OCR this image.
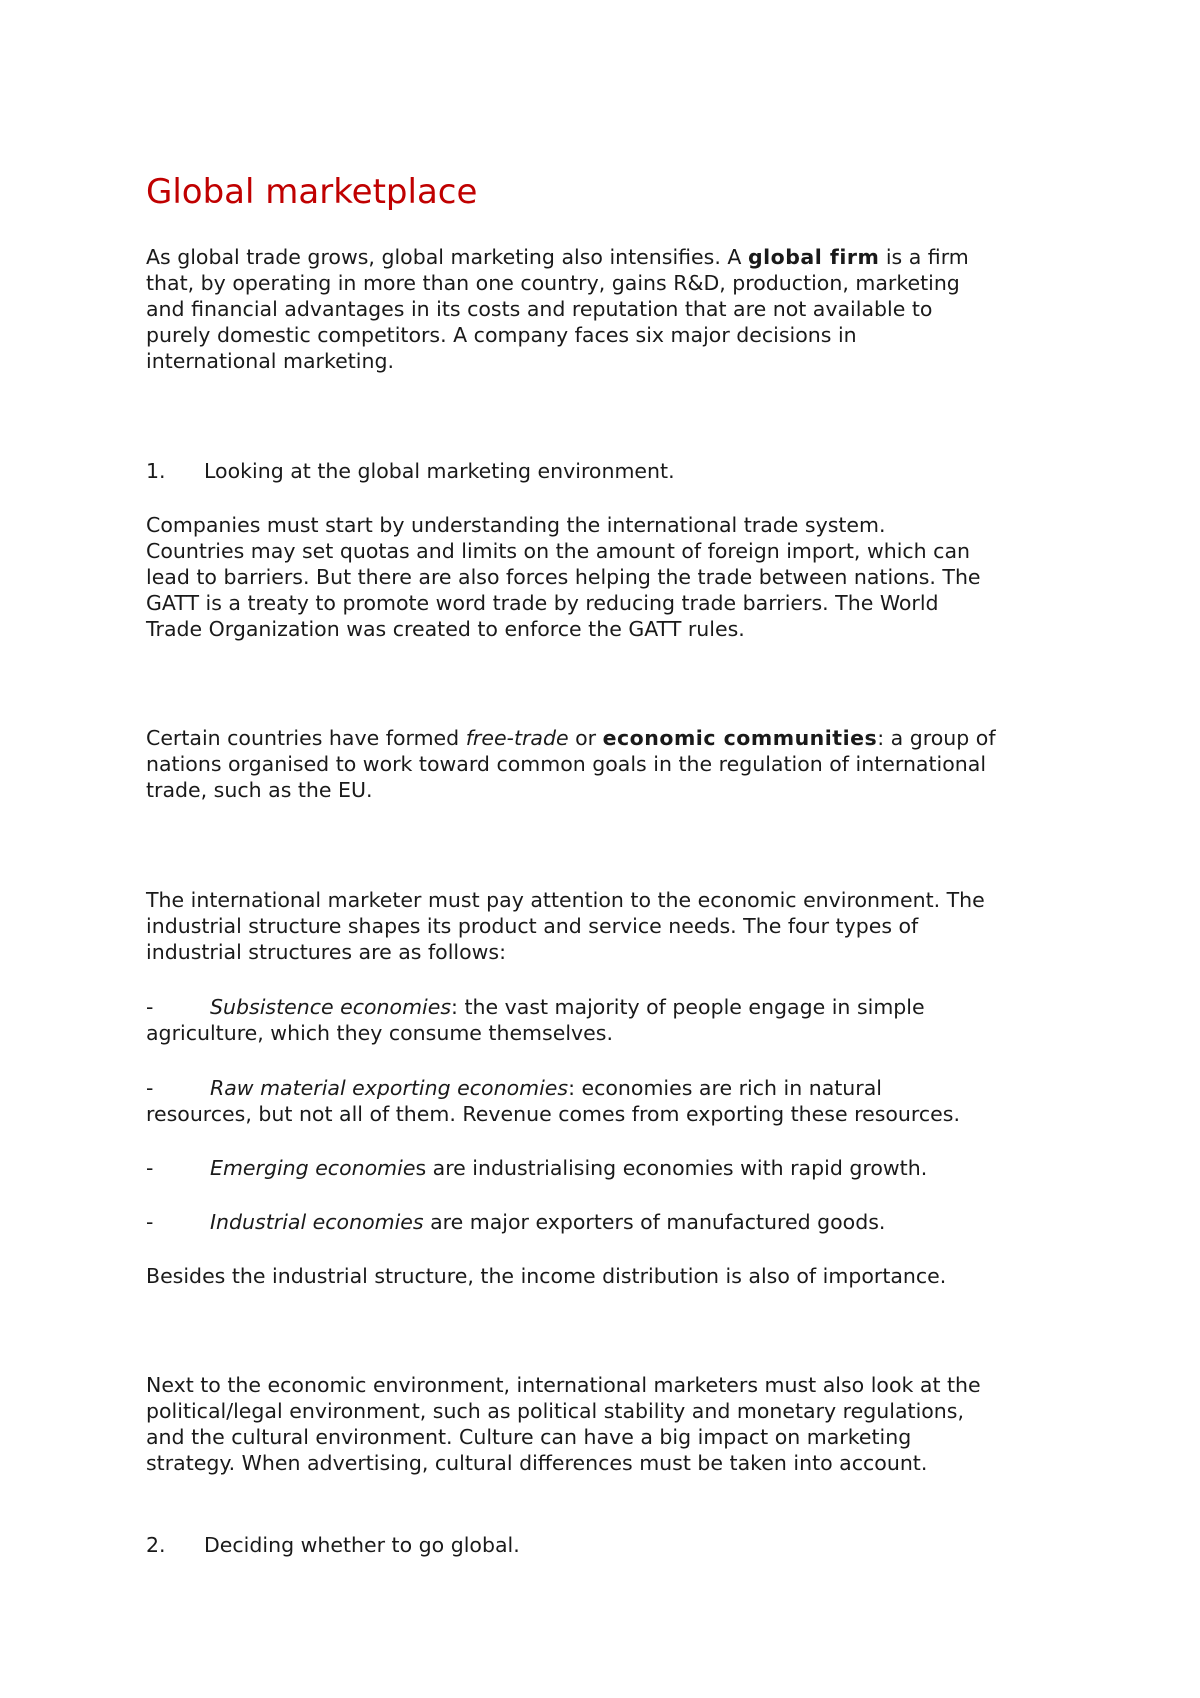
Global marketplace

As global trade grows, global marketing also intensifies. A global firm is a firm
that, by operating in more than one country, gains R&D, production, marketing
and financial advantages in its costs and reputation that are not available to
purely domestic competitors. A company faces six major decisions in
international marketing.

1. Looking at the global marketing environment.

Companies must start by understanding the international trade system.
Countries may set quotas and limits on the amount of foreign import, which can
lead to barriers. But there are also forces helping the trade between nations. The
GATT is a treaty to promote word trade by reducing trade barriers. The World
Trade Organization was created to enforce the GATT rules.

Certain countries have formed free-trade or economic communities: a group of
nations organised to work toward common goals in the regulation of international
trade, such as the EU.

The international marketer must pay attention to the economic environment. The
industrial structure shapes its product and service needs. The four types of
industrial structures are as follows:

-	Subsistence economies: the vast majority of people engage in simple
agriculture, which they consume themselves.

-	Raw material exporting economies: economies are rich in natural
resources, but not all of them. Revenue comes from exporting these resources.

-	Emerging economies are industrialising economies with rapid growth.

-	Industrial economies are major exporters of manufactured goods.

Besides the industrial structure, the income distribution is also of importance.

Next to the economic environment, international marketers must also look at the
political/legal environment, such as political stability and monetary regulations,
and the cultural environment. Culture can have a big impact on marketing
strategy. When advertising, cultural differences must be taken into account.

2. Deciding whether to go global.
